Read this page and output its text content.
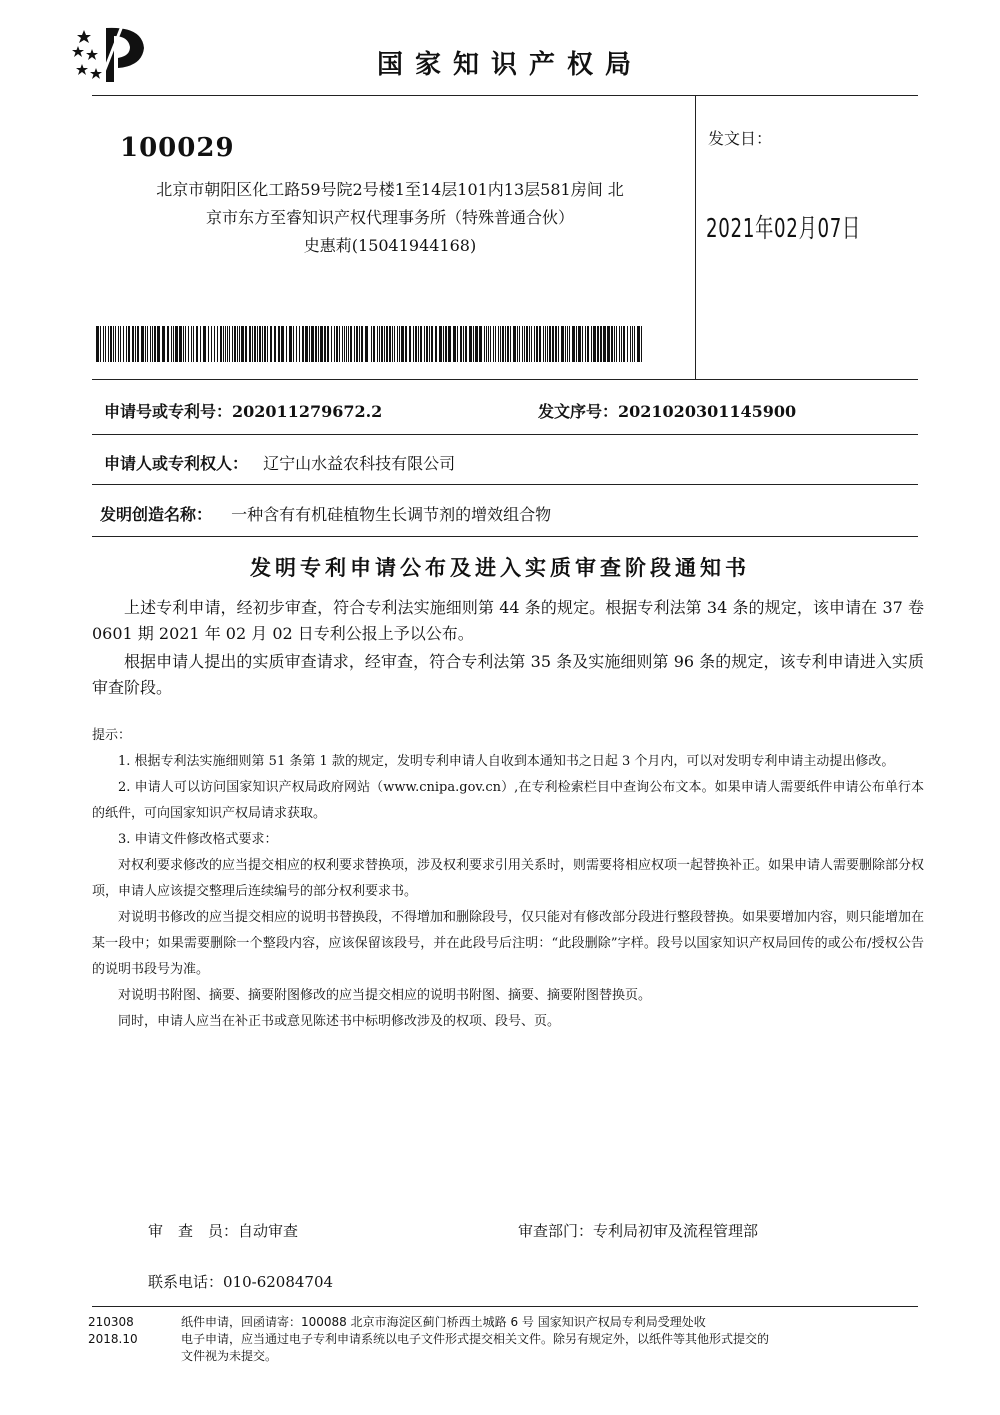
国家知识产权局
100029
北京市朝阳区化工路59号院2号楼1至14层101内13层581房间 北
京市东方至睿知识产权代理事务所（特殊普通合伙）
史惠莉(15041944168)
发文日：
2021年02月07日
申请号或专利号：202011279672.2	发文序号：2021020301145900
申请人或专利权人： 辽宁山水益农科技有限公司
发明创造名称： 一种含有有机硅植物生长调节剂的增效组合物
发明专利申请公布及进入实质审查阶段通知书
上述专利申请，经初步审查，符合专利法实施细则第 44 条的规定。根据专利法第 34 条的规定，该申请在 37 卷 0601 期 2021 年 02 月 02 日专利公报上予以公布。
根据申请人提出的实质审查请求，经审查，符合专利法第 35 条及实施细则第 96 条的规定，该专利申请进入实质审查阶段。

提示：

1. 根据专利法实施细则第 51 条第 1 款的规定，发明专利申请人自收到本通知书之日起 3 个月内，可以对发明专利申请主动提出修改。

2. 申请人可以访问国家知识产权局政府网站（www.cnipa.gov.cn）,在专利检索栏目中查询公布文本。如果申请人需要纸件申请公布单行本的纸件，可向国家知识产权局请求获取。

3. 申请文件修改格式要求：

对权利要求修改的应当提交相应的权利要求替换项，涉及权利要求引用关系时，则需要将相应权项一起替换补正。如果申请人需要删除部分权项，申请人应该提交整理后连续编号的部分权利要求书。

对说明书修改的应当提交相应的说明书替换段，不得增加和删除段号，仅只能对有修改部分段进行整段替换。如果要增加内容，则只能增加在某一段中；如果需要删除一个整段内容，应该保留该段号，并在此段号后注明：“此段删除”字样。段号以国家知识产权局回传的或公布/授权公告的说明书段号为准。

对说明书附图、摘要、摘要附图修改的应当提交相应的说明书附图、摘要、摘要附图替换页。

同时，申请人应当在补正书或意见陈述书中标明修改涉及的权项、段号、页。

审　查　员：自动审查	审查部门：专利局初审及流程管理部
联系电话：010-62084704
210308
2018.10
纸件申请，回函请寄：100088 北京市海淀区蓟门桥西土城路 6 号 国家知识产权局专利局受理处收
电子申请，应当通过电子专利申请系统以电子文件形式提交相关文件。除另有规定外，以纸件等其他形式提交的
文件视为未提交。
